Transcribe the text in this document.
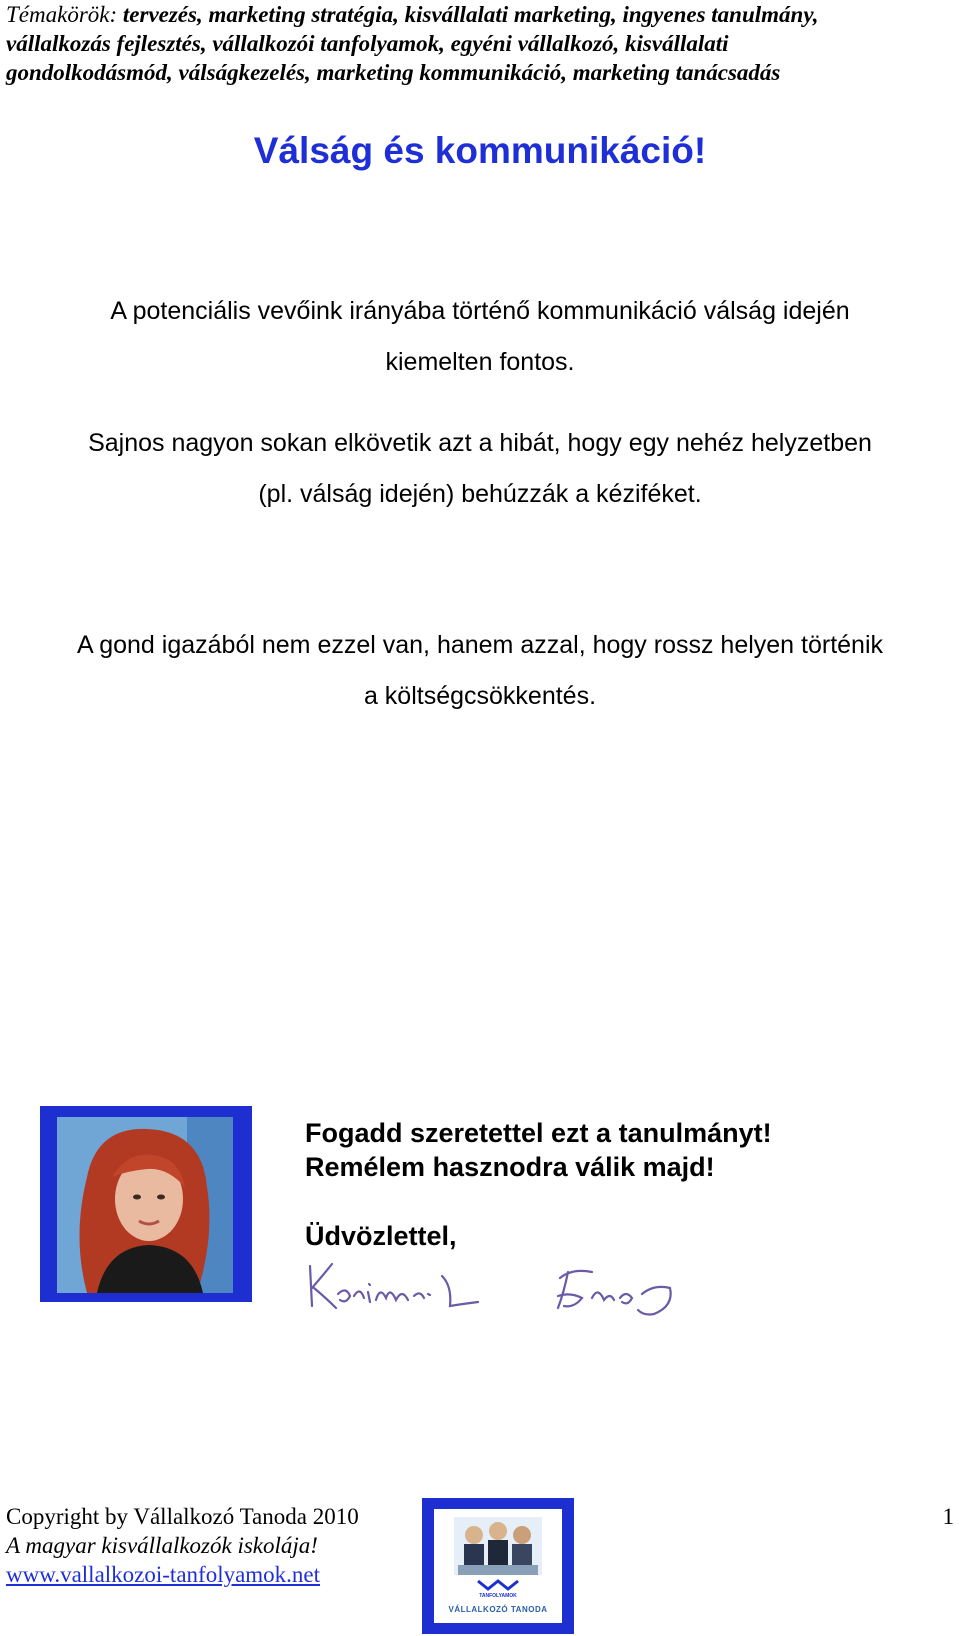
Témakörök: tervezés, marketing stratégia, kisvállalati marketing, ingyenes tanulmány,
vállalkozás fejlesztés, vállalkozói tanfolyamok, egyéni vállalkozó, kisvállalati
gondolkodásmód, válságkezelés, marketing kommunikáció, marketing tanácsadás
Válság és kommunikáció!
A potenciális vevőink irányába történő kommunikáció válság idején
kiemelten fontos.
Sajnos nagyon sokan elkövetik azt a hibát, hogy egy nehéz helyzetben
(pl. válság idején) behúzzák a kéziféket.
A gond igazából nem ezzel van, hanem azzal, hogy rossz helyen történik
a költségcsökkentés.
Fogadd szeretettel ezt a tanulmányt!
Remélem hasznodra válik majd!
Üdvözlettel,
Copyright by Vállalkozó Tanoda 2010
A magyar kisvállalkozók iskolája!
www.vallalkozoi-tanfolyamok.net
TANFOLYAMOK
VÁLLALKOZÓ TANODA
1
